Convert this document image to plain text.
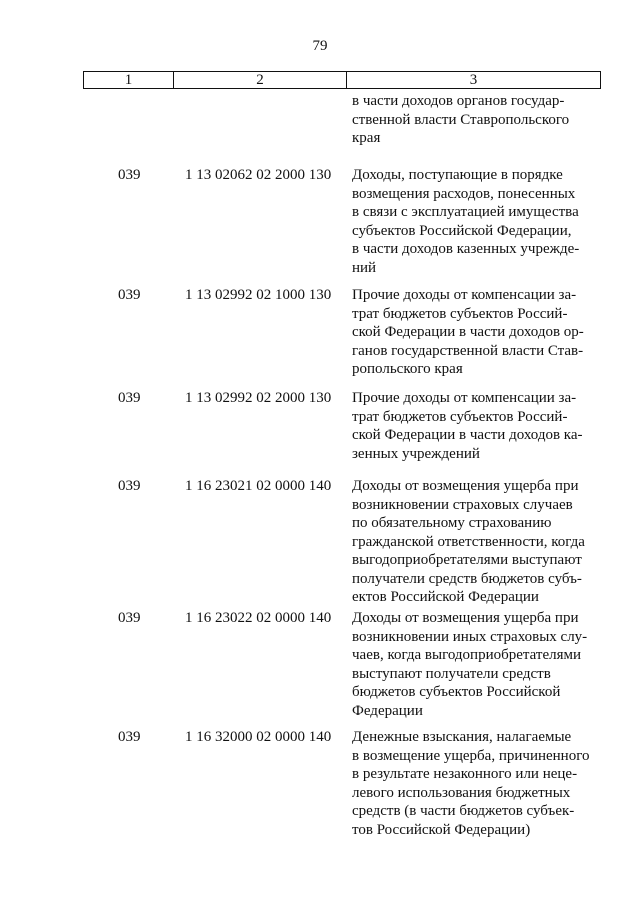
79
1	2	3
в части доходов органов государ-
ственной власти Ставропольского
края
039	1 13 02062 02 2000 130	Доходы, поступающие в порядке
возмещения расходов, понесенных
в связи с эксплуатацией имущества
субъектов Российской Федерации,
в части доходов казенных учрежде-
ний
039	1 13 02992 02 1000 130	Прочие доходы от компенсации за-
трат бюджетов субъектов Россий-
ской Федерации в части доходов ор-
ганов государственной власти Став-
ропольского края
039	1 13 02992 02 2000 130	Прочие доходы от компенсации за-
трат бюджетов субъектов Россий-
ской Федерации в части доходов ка-
зенных учреждений
039	1 16 23021 02 0000 140	Доходы от возмещения ущерба при
возникновении страховых случаев
по обязательному страхованию
гражданской ответственности, когда
выгодоприобретателями выступают
получатели средств бюджетов субъ-
ектов Российской Федерации
039	1 16 23022 02 0000 140	Доходы от возмещения ущерба при
возникновении иных страховых слу-
чаев, когда выгодоприобретателями
выступают получатели средств
бюджетов субъектов Российской
Федерации
039	1 16 32000 02 0000 140	Денежные взыскания, налагаемые
в возмещение ущерба, причиненного
в результате незаконного или неце-
левого использования бюджетных
средств (в части бюджетов субъек-
тов Российской Федерации)
